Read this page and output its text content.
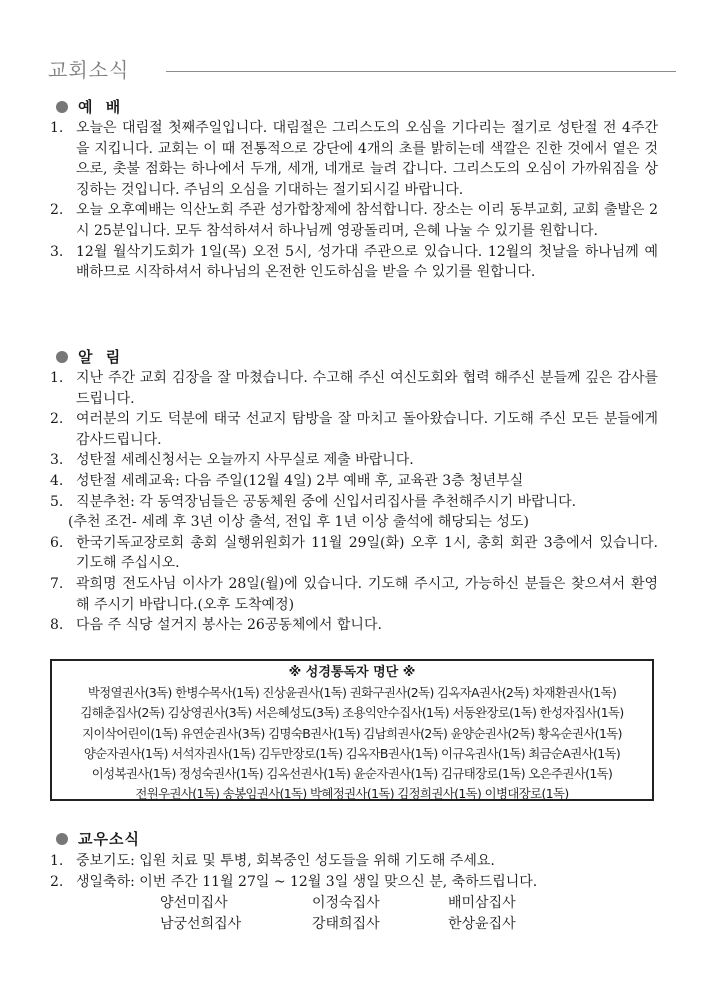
교회소식
예 배
1. 오늘은 대림절 첫째주일입니다. 대림절은 그리스도의 오심을 기다리는 절기로 성탄절 전 4주간을 지킵니다. 교회는 이 때 전통적으로 강단에 4개의 초를 밝히는데 색깔은 진한 것에서 옅은 것으로, 촛불 점화는 하나에서 두개, 세개, 네개로 늘려 갑니다. 그리스도의 오심이 가까워짐을 상징하는 것입니다. 주님의 오심을 기대하는 절기되시길 바랍니다.
2. 오늘 오후예배는 익산노회 주관 성가합창제에 참석합니다. 장소는 이리 동부교회, 교회 출발은 2시 25분입니다. 모두 참석하셔서 하나님께 영광돌리며, 은혜 나눌 수 있기를 원합니다.
3. 12월 월삭기도회가 1일(목) 오전 5시, 성가대 주관으로 있습니다. 12월의 첫날을 하나님께 예배하므로 시작하셔서 하나님의 온전한 인도하심을 받을 수 있기를 원합니다.
알 림
1. 지난 주간 교회 김장을 잘 마쳤습니다. 수고해 주신 여신도회와 협력 해주신 분들께 깊은 감사를 드립니다.
2. 여러분의 기도 덕분에 태국 선교지 탐방을 잘 마치고 돌아왔습니다. 기도해 주신 모든 분들에게 감사드립니다.
3. 성탄절 세례신청서는 오늘까지 사무실로 제출 바랍니다.
4. 성탄절 세례교육: 다음 주일(12월 4일) 2부 예배 후, 교육관 3층 청년부실
5. 직분추천: 각 동역장님들은 공동체원 중에 신입서리집사를 추천해주시기 바랍니다.
(추천 조건- 세례 후 3년 이상 출석, 전입 후 1년 이상 출석에 해당되는 성도)
6. 한국기독교장로회 총회 실행위원회가 11월 29일(화) 오후 1시, 총회 회관 3층에서 있습니다. 기도해 주십시오.
7. 곽희명 전도사님 이사가 28일(월)에 있습니다. 기도해 주시고, 가능하신 분들은 찾으셔서 환영해 주시기 바랍니다.(오후 도착예정)
8. 다음 주 식당 설거지 봉사는 26공동체에서 합니다.
※ 성경통독자 명단 ※
박정열권사(3독) 한병수목사(1독) 진상윤권사(1독) 권화구권사(2독) 김옥자A권사(2독) 차재환권사(1독)
김해춘집사(2독) 김상영권사(3독) 서은혜성도(3독) 조용익안수집사(1독) 서동완장로(1독) 한성자집사(1독)
지이삭어린이(1독) 유연순권사(3독) 김명숙B권사(1독) 김남희권사(2독) 윤양순권사(2독) 황옥순권사(1독)
양순자권사(1독) 서석자권사(1독) 김두만장로(1독) 김옥자B권사(1독) 이규옥권사(1독) 최금순A권사(1독)
이성복권사(1독) 정성숙권사(1독) 김옥선권사(1독) 윤순자권사(1독) 김규태장로(1독) 오은주권사(1독)
전원우권사(1독) 송봉임권사(1독) 박혜정권사(1독) 김정희권사(1독) 이병대장로(1독)
교우소식
1. 중보기도: 입원 치료 및 투병, 회복중인 성도들을 위해 기도해 주세요.
2. 생일축하: 이번 주간 11월 27일 ~ 12월 3일 생일 맞으신 분, 축하드립니다.
양선미집사	이정숙집사	배미삼집사
남궁선희집사	강태희집사	한상윤집사
